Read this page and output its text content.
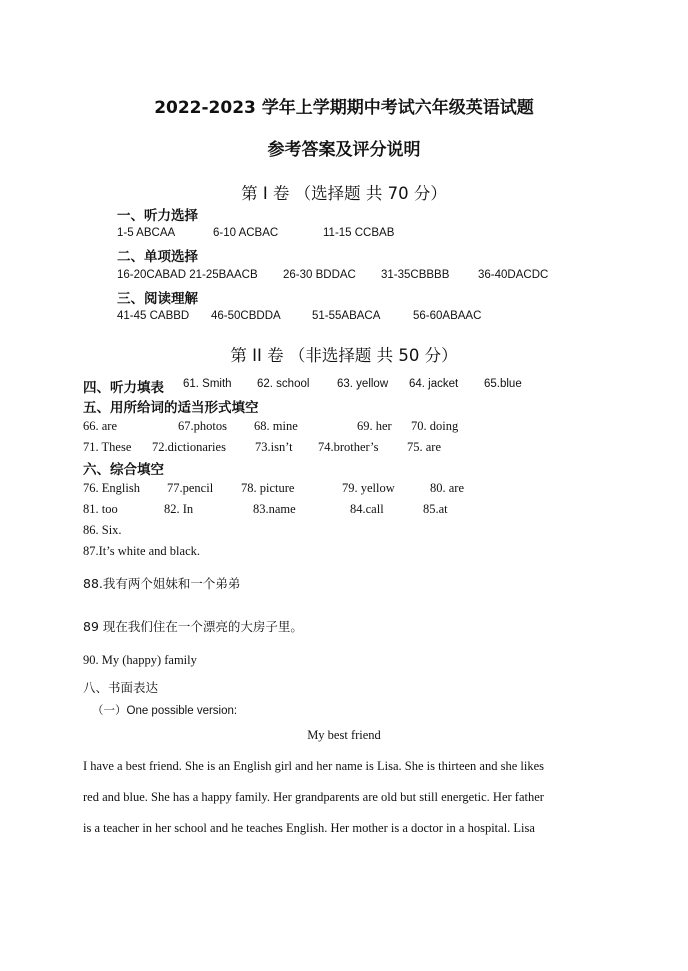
2022-2023 学年上学期期中考试六年级英语试题
参考答案及评分说明
第 I 卷 （选择题 共 70 分）
一、听力选择
1-5 ABCAA	6-10 ACBAC	11-15 CCBAB
二、单项选择
16-20CABAD 21-25BAACB 26-30 BDDAC 31-35CBBBB 36-40DACDC
三、阅读理解
41-45 CABBD 46-50CBDDA	51-55ABACA	56-60ABAAC
第 II 卷 （非选择题 共 50 分）
四、听力填表 61. Smith 62. school 63. yellow 64. jacket 65.blue
五、用所给词的适当形式填空
66. are	67.photos 68. mine	69. her 70. doing
71. These 72.dictionaries 73.isn’t 74.brother’s 75. are
六、综合填空
76. English 77.pencil 78. picture	79. yellow	80. are
81. too	82. In	83.name	84.call	85.at
86. Six.
87.It’s white and black.
88.我有两个姐妹和一个弟弟
89 现在我们住在一个漂亮的大房子里。
90. My (happy) family
八、书面表达
（一）One possible version:
My best friend
I have a best friend. She is an English girl and her name is Lisa. She is thirteen and she likes
red and blue. She has a happy family. Her grandparents are old but still energetic. Her father
is a teacher in her school and he teaches English. Her mother is a doctor in a hospital. Lisa
